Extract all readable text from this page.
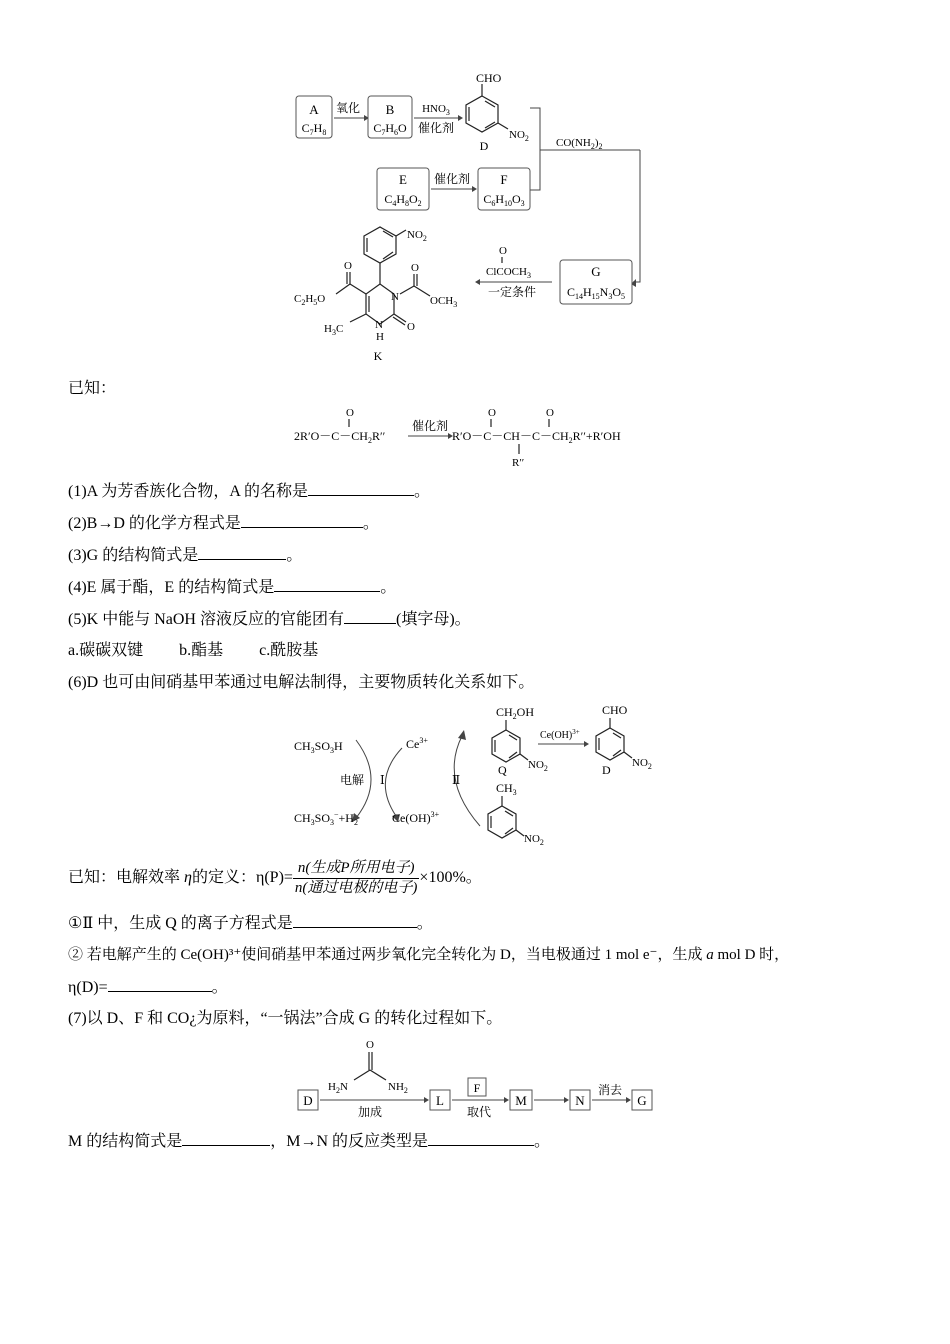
A
$C_7H_8$
氧化 B
$C_7H_6O$
$HNO_3$
催化剂
CHO
$NO_2$
D	$CO(NH_2)_2$
E
$C_4H_8O_2$
催化剂 F
$C_6H_{10}O_3$
G
$C_{14}H_{15}N_3O_5$
O
ClCOCH$_3$
一定条件
$NO_2$
O
$C_2H_5O$	N
O
$OCH_3$
O
$H_3C$	N
H
K
已知：
O
$2R'O-C-CH_2R''$
催化剂
O	O
$R'O-C-CH-C-CH_2R''+R'OH$
R′′
(1)A 为芳香族化合物，A 的名称是	。
(2)B→D 的化学方程式是	。
(3)G 的结构简式是	。
(4)E 属于酯，E 的结构简式是	。
(5)K 中能与 NaOH 溶液反应的官能团有	(填字母)。
a.碳碳双键 b.酯基 c.酰胺基
(6)D 也可由间硝基甲苯通过电解法制得，主要物质转化关系如下。
$CH_3SO_3H$	$Ce^{3+}$
电解 Ⅰ
$CH_3SO_3^-+H_2$	Ce(OH)$^{3+}$
Ⅱ
$CH_2OH$
$NO_2$
Q
Ce(OH)$^{3+}$
CHO
$NO_2$
D
$CH_3$
$NO_2$
已知：电解效率 η的定义：$\eta(P)= \frac{\text{n(生成P所用电子)}}{\text{n(通过电极的电子)}} \times 100\%$。
①Ⅱ 中，生成 Q 的离子方程式是	。
② 若电解产生的 Ce(OH)³⁺使间硝基甲苯通过两步氧化完全转化为 D，当电极通过 1 mol e⁻，生成 a mol D 时，
η(D)=	。
(7)以 D、F 和 CO¿为原料，“一锅法”合成 G 的转化过程如下。
O
$H_2N$	$NH_2$
D
加成
L
F
取代
M	N
消去
G
M 的结构简式是	，M→N 的反应类型是	。
